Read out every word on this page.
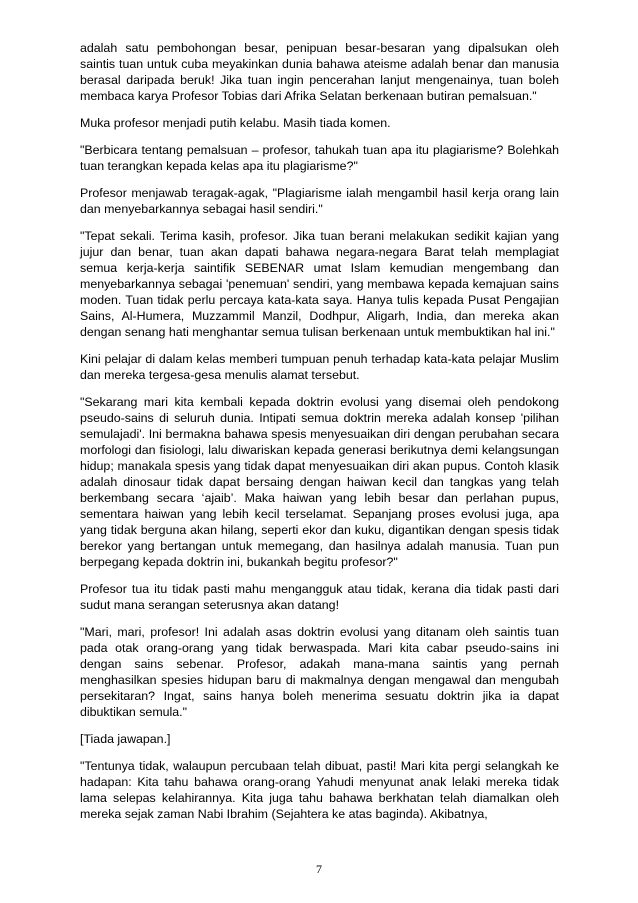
adalah satu pembohongan besar, penipuan besar-besaran yang dipalsukan oleh saintis tuan untuk cuba meyakinkan dunia bahawa ateisme adalah benar dan manusia berasal daripada beruk! Jika tuan ingin pencerahan lanjut mengenainya, tuan boleh membaca karya Profesor Tobias dari Afrika Selatan berkenaan butiran pemalsuan."

Muka profesor menjadi putih kelabu. Masih tiada komen.

"Berbicara tentang pemalsuan – profesor, tahukah tuan apa itu plagiarisme? Bolehkah tuan terangkan kepada kelas apa itu plagiarisme?"

Profesor menjawab teragak-agak, "Plagiarisme ialah mengambil hasil kerja orang lain dan menyebarkannya sebagai hasil sendiri."

"Tepat sekali. Terima kasih, profesor. Jika tuan berani melakukan sedikit kajian yang jujur dan benar, tuan akan dapati bahawa negara-negara Barat telah memplagiat semua kerja-kerja saintifik SEBENAR umat Islam kemudian mengembang dan menyebarkannya sebagai 'penemuan' sendiri, yang membawa kepada kemajuan sains moden. Tuan tidak perlu percaya kata-kata saya. Hanya tulis kepada Pusat Pengajian Sains, Al-Humera, Muzzammil Manzil, Dodhpur, Aligarh, India, dan mereka akan dengan senang hati menghantar semua tulisan berkenaan untuk membuktikan hal ini."

Kini pelajar di dalam kelas memberi tumpuan penuh terhadap kata-kata pelajar Muslim dan mereka tergesa-gesa menulis alamat tersebut.

"Sekarang mari kita kembali kepada doktrin evolusi yang disemai oleh pendokong pseudo-sains di seluruh dunia. Intipati semua doktrin mereka adalah konsep 'pilihan semulajadi'. Ini bermakna bahawa spesis menyesuaikan diri dengan perubahan secara morfologi dan fisiologi, lalu diwariskan kepada generasi berikutnya demi kelangsungan hidup; manakala spesis yang tidak dapat menyesuaikan diri akan pupus. Contoh klasik adalah dinosaur tidak dapat bersaing dengan haiwan kecil dan tangkas yang telah berkembang secara ‘ajaib’. Maka haiwan yang lebih besar dan perlahan pupus, sementara haiwan yang lebih kecil terselamat. Sepanjang proses evolusi juga, apa yang tidak berguna akan hilang, seperti ekor dan kuku, digantikan dengan spesis tidak berekor yang bertangan untuk memegang, dan hasilnya adalah manusia. Tuan pun berpegang kepada doktrin ini, bukankah begitu profesor?"

Profesor tua itu tidak pasti mahu mengangguk atau tidak, kerana dia tidak pasti dari sudut mana serangan seterusnya akan datang!

"Mari, mari, profesor! Ini adalah asas doktrin evolusi yang ditanam oleh saintis tuan pada otak orang-orang yang tidak berwaspada. Mari kita cabar pseudo-sains ini dengan sains sebenar. Profesor, adakah mana-mana saintis yang pernah menghasilkan spesies hidupan baru di makmalnya dengan mengawal dan mengubah persekitaran? Ingat, sains hanya boleh menerima sesuatu doktrin jika ia dapat dibuktikan semula."

[Tiada jawapan.]

"Tentunya tidak, walaupun percubaan telah dibuat, pasti! Mari kita pergi selangkah ke hadapan: Kita tahu bahawa orang-orang Yahudi menyunat anak lelaki mereka tidak lama selepas kelahirannya. Kita juga tahu bahawa berkhatan telah diamalkan oleh mereka sejak zaman Nabi Ibrahim (Sejahtera ke atas baginda). Akibatnya,

7
